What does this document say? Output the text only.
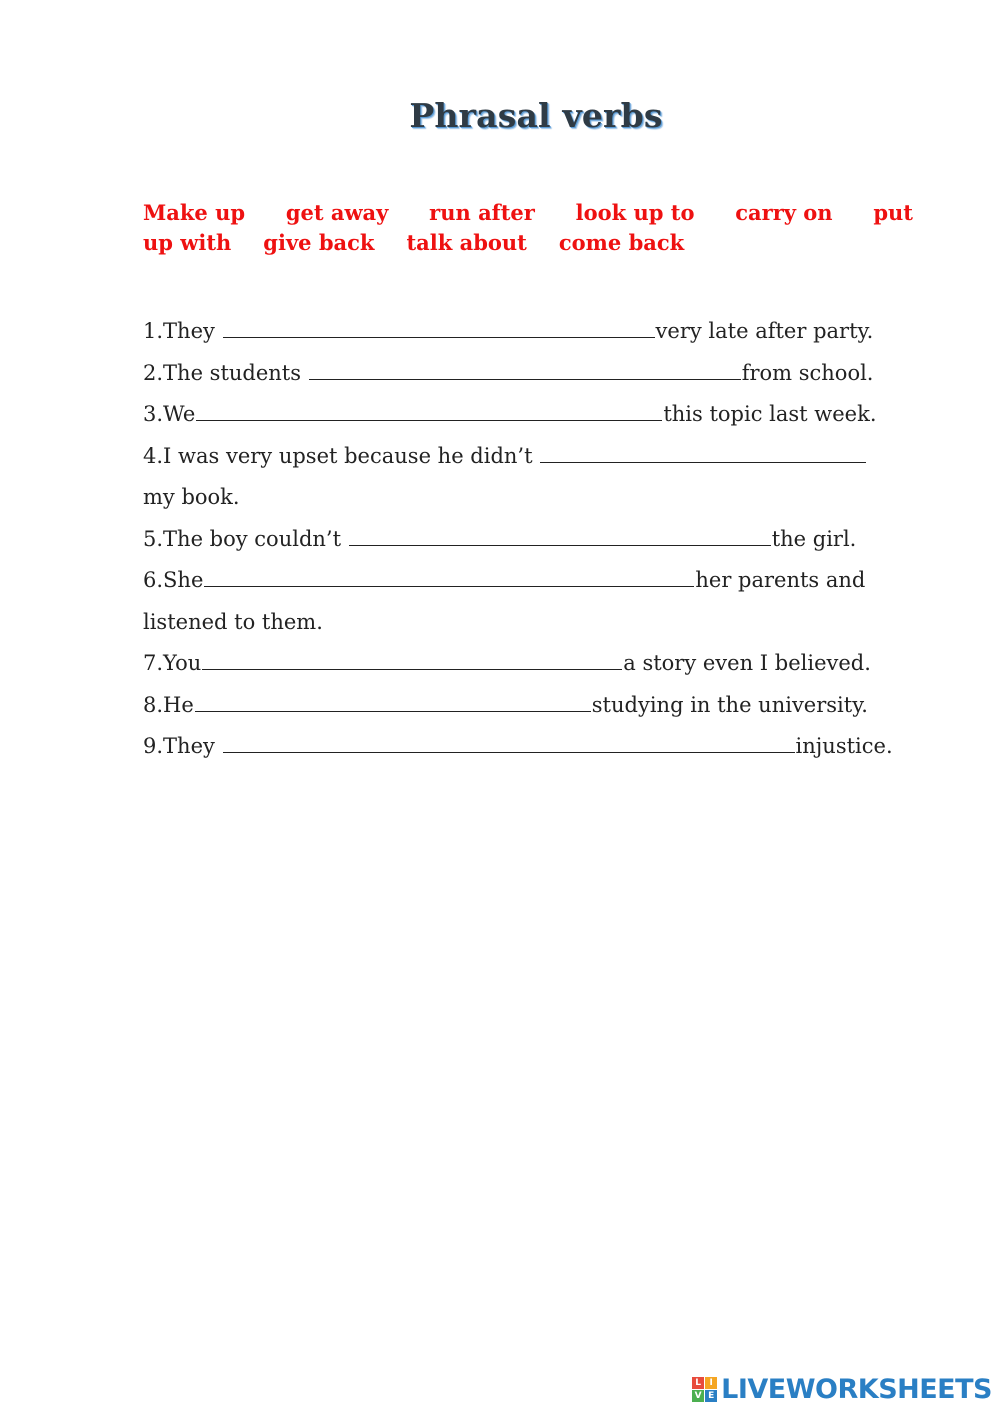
Phrasal verbs
Make up get away run after look up to carry on put
up with give back talk about come back
1.They	very late after party.
2.The students	from school.
3.We	this topic last week.
4.I was very upset because he didn’t
my book.
5.The boy couldn’t	the girl.
6.She	her parents and
listened to them.
7.You	a story even I believed.
8.He	studying in the university.
9.They	injustice.
L I
V E LIVEWORKSHEETS
